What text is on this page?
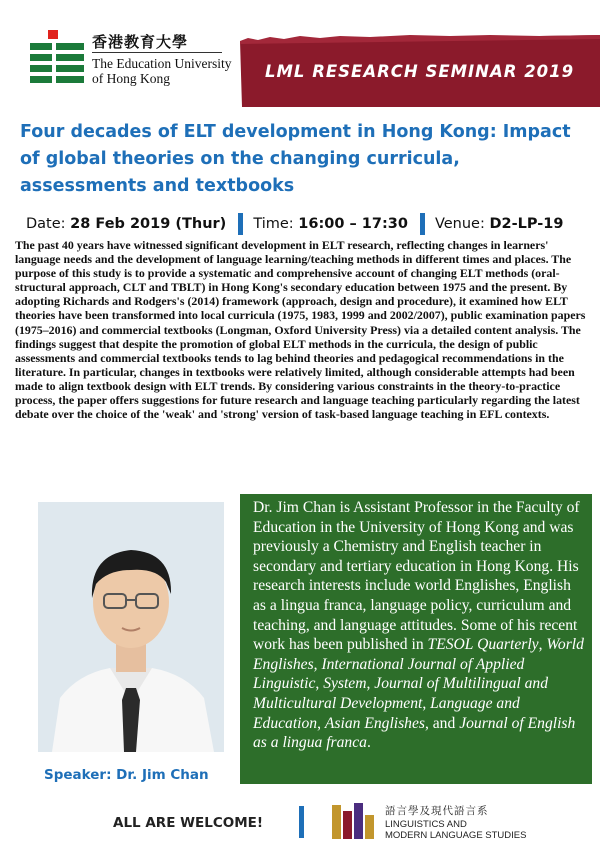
香港教育大學
The Education University
of Hong Kong	LML RESEARCH SEMINAR 2019
Four decades of ELT development in Hong Kong: Impact of global theories on the changing curricula, assessments and textbooks
Date:
28 Feb 2019 (Thur) Time:
16:00 – 17:30 Venue:
D2-LP-19

The past 40 years have witnessed significant development in ELT research, reflecting changes in learners' language needs and the development of language learning/teaching methods in different times and places. The purpose of this study is to provide a systematic and comprehensive account of changing ELT methods (oral-structural approach, CLT and TBLT) in Hong Kong's secondary education between 1975 and the present. By adopting Richards and Rodgers's (2014) framework (approach, design and procedure), it examined how ELT theories have been transformed into local curricula (1975, 1983, 1999 and 2002/2007), public examination papers (1975–2016) and commercial textbooks (Longman, Oxford University Press) via a detailed content analysis. The findings suggest that despite the promotion of global ELT methods in the curricula, the design of public assessments and commercial textbooks tends to lag behind theories and pedagogical recommendations in the literature. In particular, changes in textbooks were relatively limited, although considerable attempts had been made to align textbook design with ELT trends. By considering various constraints in the theory-to-practice process, the paper offers suggestions for future research and language teaching particularly regarding the latest debate over the choice of the 'weak' and 'strong' version of task-based language teaching in EFL contexts.

Speaker: Dr. Jim Chan

Dr. Jim Chan is Assistant Professor in the Faculty of Education in the University of Hong Kong and was previously a Chemistry and English teacher in secondary and tertiary education in Hong Kong. His research interests include world Englishes, English as a lingua franca, language policy, curriculum and teaching, and language attitudes. Some of his recent work has been published in TESOL Quarterly, World Englishes, International Journal of Applied Linguistic, System, Journal of Multilingual and Multicultural Development, Language and Education, Asian Englishes, and Journal of English as a lingua franca.

ALL ARE WELCOME!
語言學及現代語言系
LINGUISTICS AND
MODERN LANGUAGE STUDIES
